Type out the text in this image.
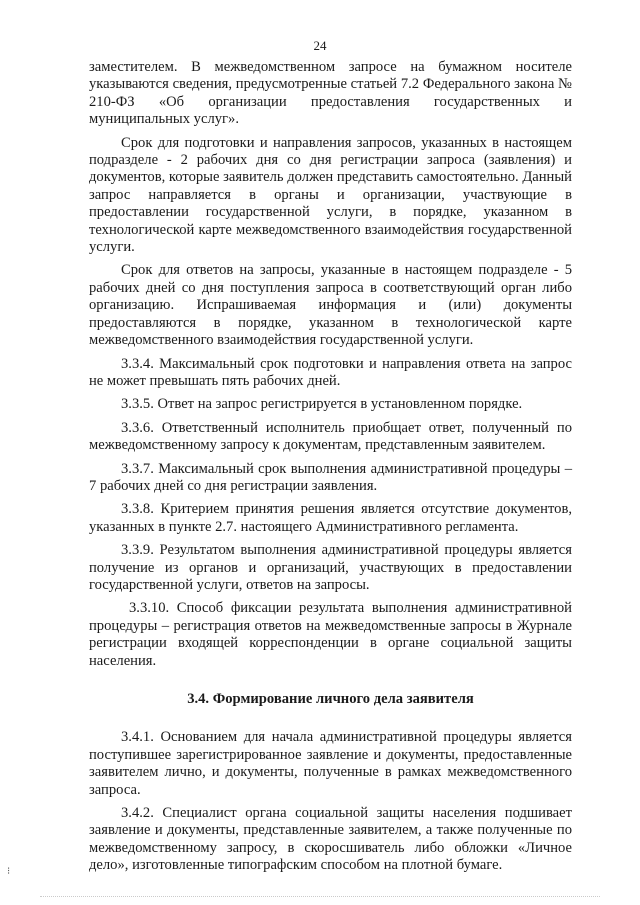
24

заместителем. В межведомственном запросе на бумажном носителе указываются сведения, предусмотренные статьей 7.2 Федерального закона № 210-ФЗ «Об организации предоставления государственных и муниципальных услуг».

Срок для подготовки и направления запросов, указанных в настоящем подразделе - 2 рабочих дня со дня регистрации запроса (заявления) и документов, которые заявитель должен представить самостоятельно. Данный запрос направляется в органы и организации, участвующие в предоставлении государственной услуги, в порядке, указанном в технологической карте межведомственного взаимодействия государственной услуги.

Срок для ответов на запросы, указанные в настоящем подразделе - 5 рабочих дней со дня поступления запроса в соответствующий орган либо организацию. Испрашиваемая информация и (или) документы предоставляются в порядке, указанном в технологической карте межведомственного взаимодействия государственной услуги.

3.3.4. Максимальный срок подготовки и направления ответа на запрос не может превышать пять рабочих дней.

3.3.5. Ответ на запрос регистрируется в установленном порядке.

3.3.6. Ответственный исполнитель приобщает ответ, полученный по межведомственному запросу к документам, представленным заявителем.

3.3.7. Максимальный срок выполнения административной процедуры – 7 рабочих дней со дня регистрации заявления.

3.3.8. Критерием принятия решения является отсутствие документов, указанных в пункте 2.7. настоящего Административного регламента.

3.3.9. Результатом выполнения административной процедуры является получение из органов и организаций, участвующих в предоставлении государственной услуги, ответов на запросы.

3.3.10. Способ фиксации результата выполнения административной процедуры – регистрация ответов на межведомственные запросы в Журнале регистрации входящей корреспонденции в органе социальной защиты населения.

3.4. Формирование личного дела заявителя

3.4.1. Основанием для начала административной процедуры является поступившее зарегистрированное заявление и документы, предоставленные заявителем лично, и документы, полученные в рамках межведомственного запроса.

3.4.2. Специалист органа социальной защиты населения подшивает заявление и документы, представленные заявителем, а также полученные по межведомственному запросу, в скоросшиватель либо обложки «Личное дело», изготовленные типографским способом на плотной бумаге.

⁝
